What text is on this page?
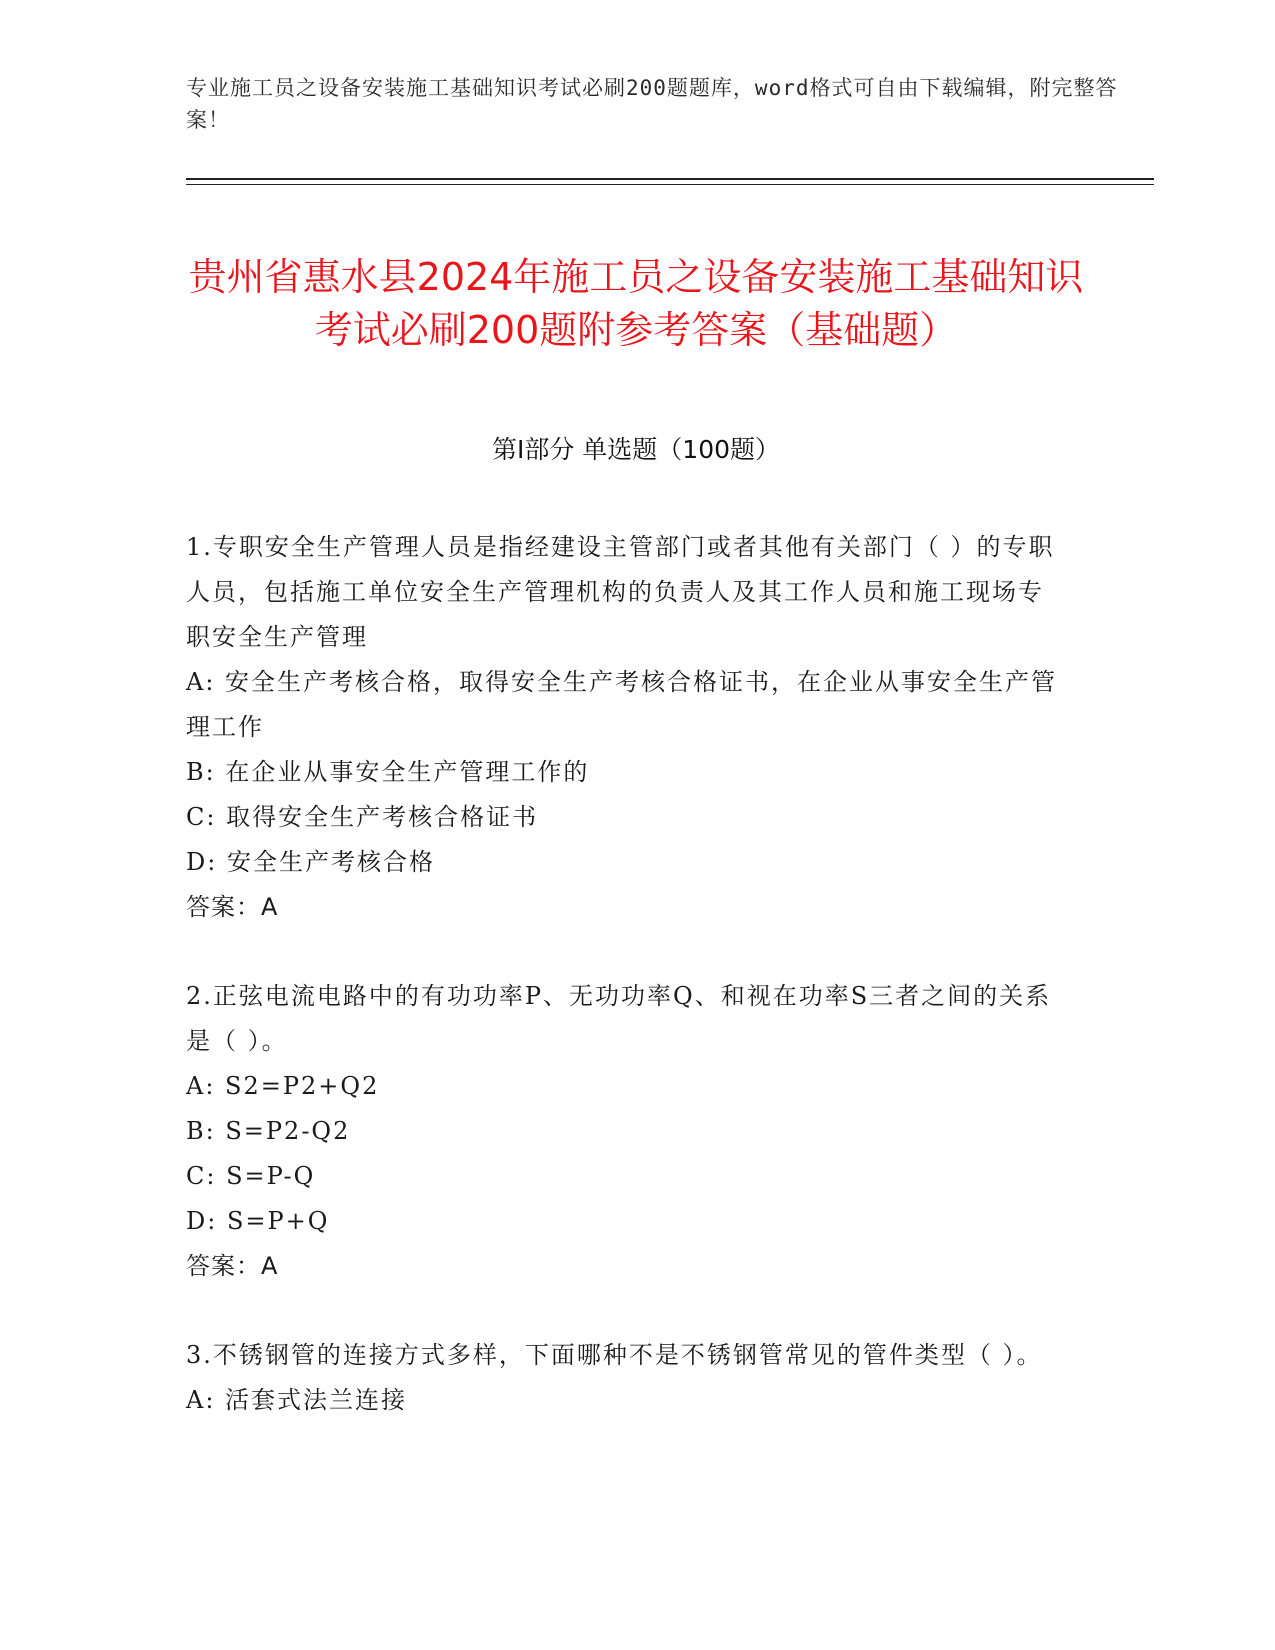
专业施工员之设备安装施工基础知识考试必刷200题题库，word格式可自由下载编辑，附完整答案！
贵州省惠水县2024年施工员之设备安装施工基础知识考试必刷200题附参考答案（基础题）
第Ⅰ部分 单选题（100题）
1.专职安全生产管理人员是指经建设主管部门或者其他有关部门（ ）的专职人员，包括施工单位安全生产管理机构的负责人及其工作人员和施工现场专职安全生产管理
A: 安全生产考核合格，取得安全生产考核合格证书，在企业从事安全生产管理工作
B: 在企业从事安全生产管理工作的
C: 取得安全生产考核合格证书
D: 安全生产考核合格
答案：A
2.正弦电流电路中的有功功率P、无功功率Q、和视在功率S三者之间的关系是（ ）。
A: S2=P2+Q2
B: S=P2-Q2
C: S=P-Q
D: S=P+Q
答案：A
3.不锈钢管的连接方式多样，下面哪种不是不锈钢管常见的管件类型（ ）。
A: 活套式法兰连接
